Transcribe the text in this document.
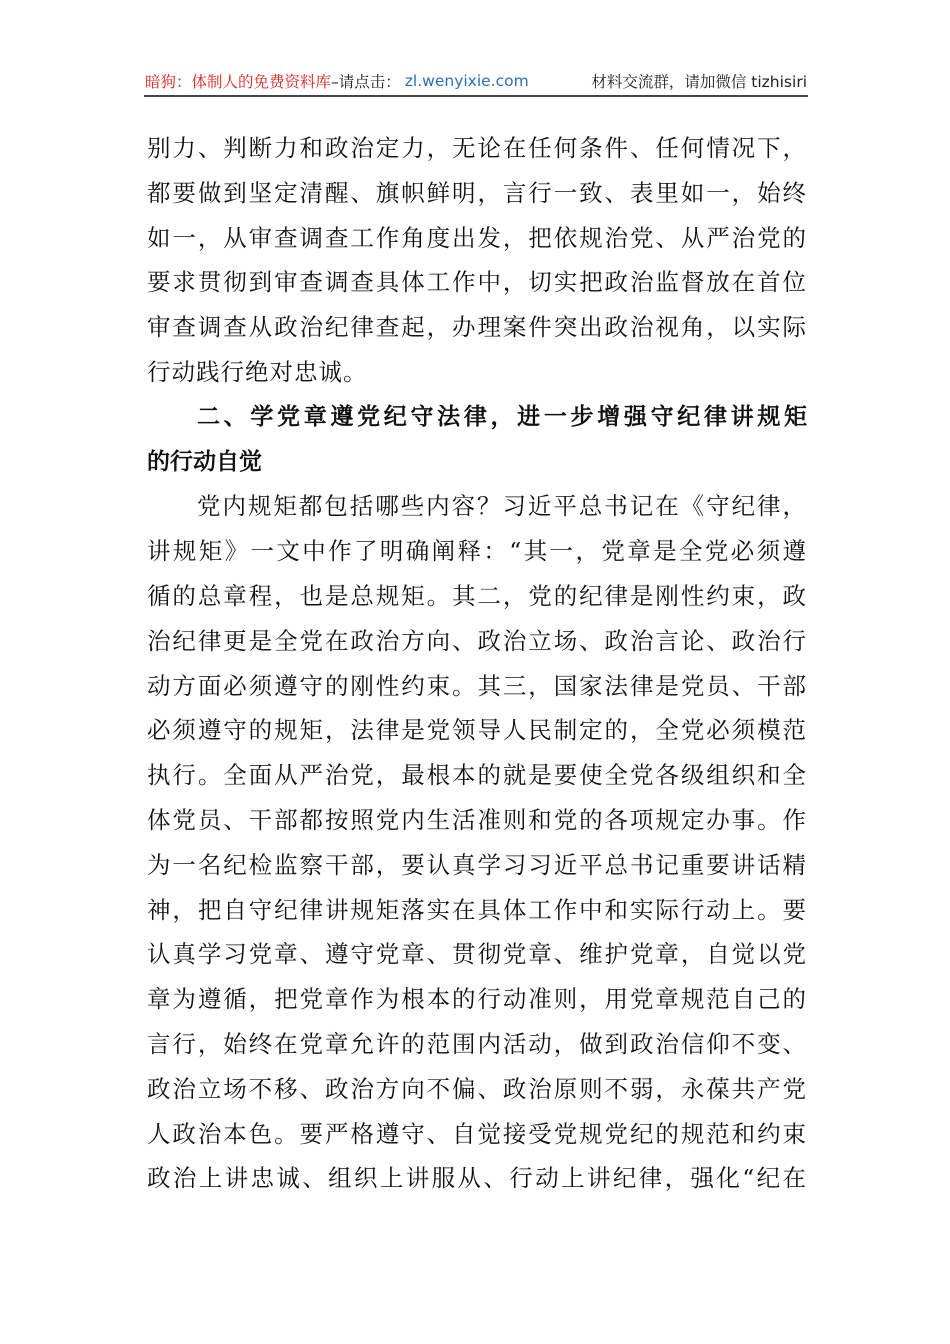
暗狗：体制人的免费资料库 –请点击： zl.wenyixie.com	材料交流群，请加微信 tizhisiri
别力、判断力和政治定力，无论在任何条件、任何情况下，
都要做到坚定清醒、旗帜鲜明，言行一致、表里如一，始终
如一，从审查调查工作角度出发，把依规治党、从严治党的
要求贯彻到审查调查具体工作中，切实把政治监督放在首位
审查调查从政治纪律查起，办理案件突出政治视角，以实际
行动践行绝对忠诚。
二、学党章遵党纪守法律，进一步增强守纪律讲规矩
的行动自觉
党内规矩都包括哪些内容？习近平总书记在《守纪律，
讲规矩》一文中作了明确阐释：“其一，党章是全党必须遵
循的总章程，也是总规矩。其二，党的纪律是刚性约束，政
治纪律更是全党在政治方向、政治立场、政治言论、政治行
动方面必须遵守的刚性约束。其三，国家法律是党员、干部
必须遵守的规矩，法律是党领导人民制定的，全党必须模范
执行。全面从严治党，最根本的就是要使全党各级组织和全
体党员、干部都按照党内生活准则和党的各项规定办事。作
为一名纪检监察干部，要认真学习习近平总书记重要讲话精
神，把自守纪律讲规矩落实在具体工作中和实际行动上。要
认真学习党章、遵守党章、贯彻党章、维护党章，自觉以党
章为遵循，把党章作为根本的行动准则，用党章规范自己的
言行，始终在党章允许的范围内活动，做到政治信仰不变、
政治立场不移、政治方向不偏、政治原则不弱，永葆共产党
人政治本色。要严格遵守、自觉接受党规党纪的规范和约束
政治上讲忠诚、组织上讲服从、行动上讲纪律，强化“纪在
